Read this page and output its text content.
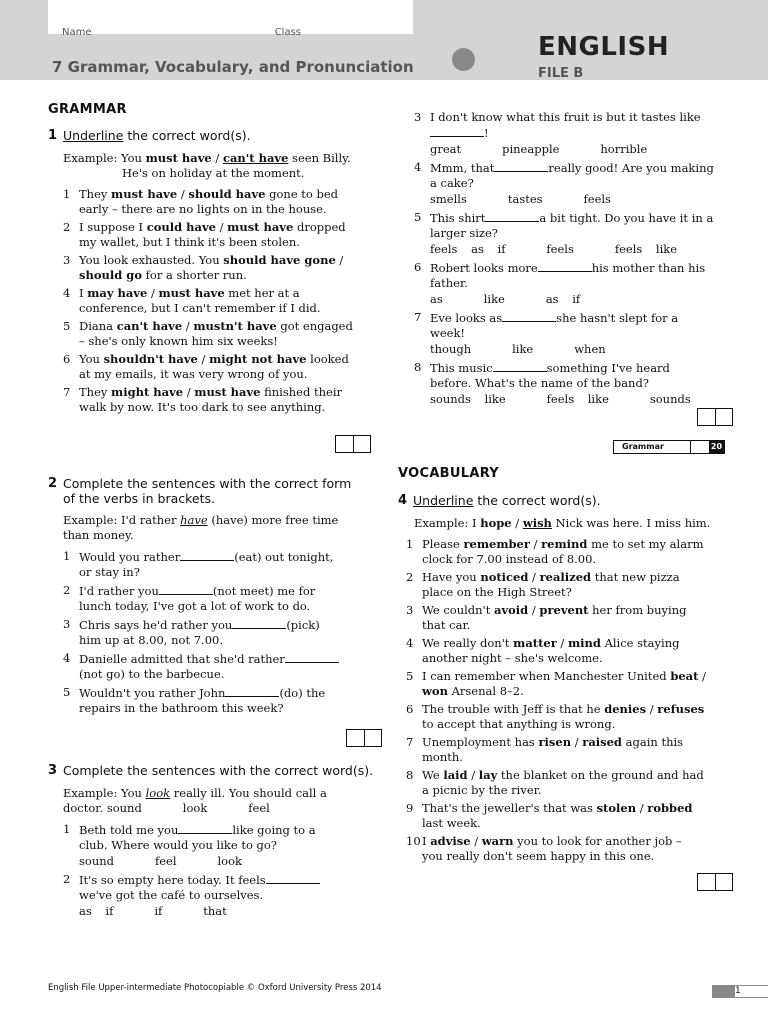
Name	Class
7 Grammar, Vocabulary, and Pronunciation
ENGLISH
FILE B
GRAMMAR
1 Underline the correct word(s).
Example: You must have / can't have seen Billy.
He's on holiday at the moment.
1 They must have / should have gone to bed early – there are no lights on in the house.
2 I suppose I could have / must have dropped my wallet, but I think it's been stolen.
3 You look exhausted. You should have gone / should go for a shorter run.
4 I may have / must have met her at a conference, but I can't remember if I did.
5 Diana can't have / mustn't have got engaged – she's only known him six weeks!
6 You shouldn't have / might not have looked at my emails, it was very wrong of you.
7 They might have / must have finished their walk by now. It's too dark to see anything.
2 Complete the sentences with the correct form of the verbs in brackets.
Example: I'd rather have (have) more free time than money.
1 Would you rather	(eat) out tonight, or stay in?
2 I'd rather you	(not meet) me for lunch today, I've got a lot of work to do.
3 Chris says he'd rather you	(pick) him up at 8.00, not 7.00.
4 Danielle admitted that she'd rather(not go) to the barbecue.
5 Wouldn't you rather John	(do) the repairs in the bathroom this week?
3 Complete the sentences with the correct word(s).
Example: You look really ill. You should call a doctor. sound   look   feel
1 Beth told me you	like going to a club. Where would you like to go?
sound   feel   look
2 It's so empty here today. It feelswe've got the café to ourselves.
as if   if   that
3 I don't know what this fruit is but it tastes like!
great   pineapple   horrible
4 Mmm, that	really good! Are you making a cake?
smells   tastes   feels
5 This shirt	a bit tight. Do you have it in a larger size?
feels as if   feels   feels like
6 Robert looks more	his mother than his father.
as   like   as if
7 Eve looks as	she hasn't slept for a week!
though   like   when
8 This music	something I've heard before. What's the name of the band?
sounds like   feels like   sounds
Grammar	20
VOCABULARY
4 Underline the correct word(s).
Example: I hope / wish Nick was here. I miss him.
1 Please remember / remind me to set my alarm clock for 7.00 instead of 8.00.
2 Have you noticed / realized that new pizza place on the High Street?
3 We couldn't avoid / prevent her from buying that car.
4 We really don't matter / mind Alice staying another night – she's welcome.
5 I can remember when Manchester United beat / won Arsenal 8–2.
6 The trouble with Jeff is that he denies / refuses to accept that anything is wrong.
7 Unemployment has risen / raised again this month.
8 We laid / lay the blanket on the ground and had a picnic by the river.
9 That's the jeweller's that was stolen / robbed last week.
10 I advise / warn you to look for another job – you really don't seem happy in this one.
English File Upper-intermediate Photocopiable © Oxford University Press 2014	1
